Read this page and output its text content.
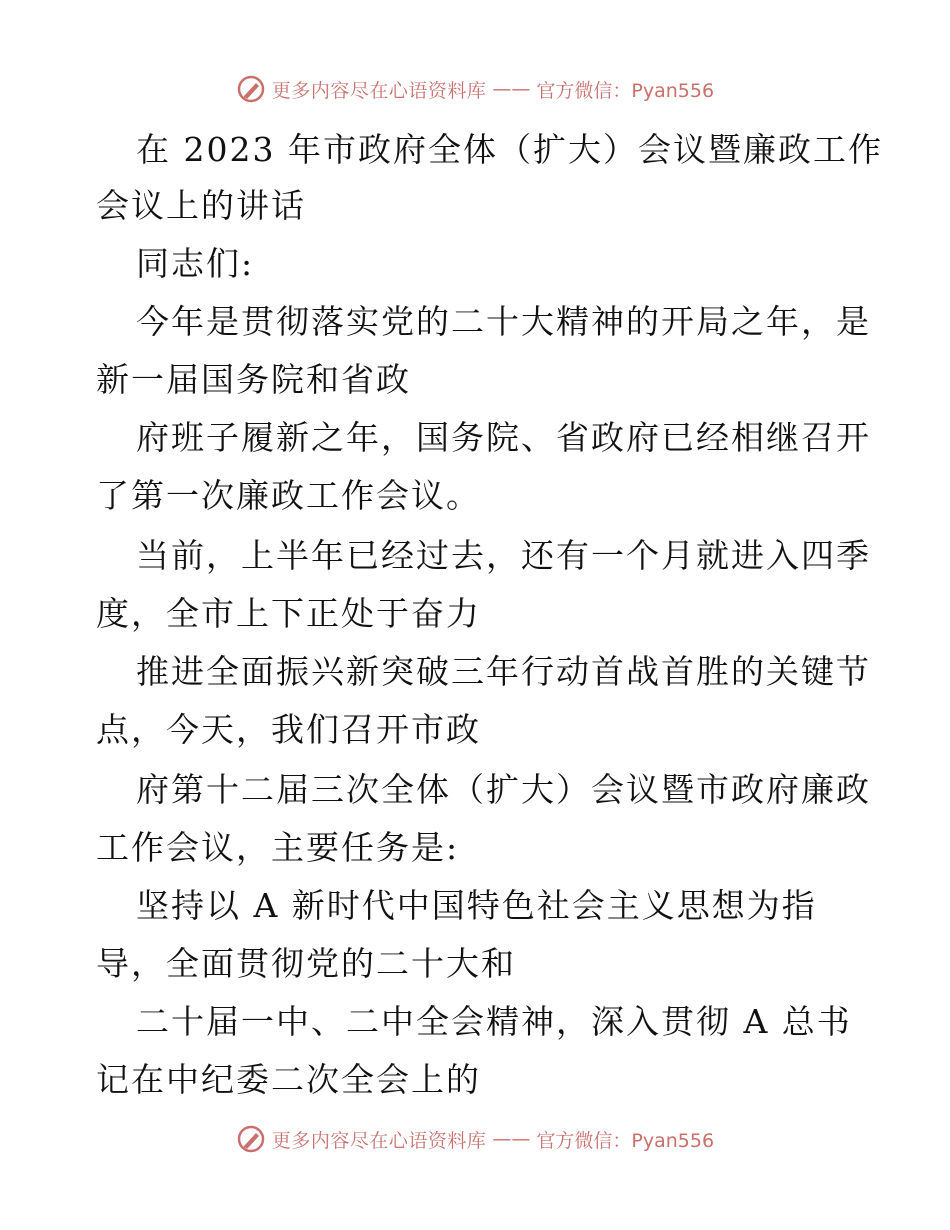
更多内容尽在心语资料库 —— 官方微信：Pyan556
在 2023 年市政府全体（扩大）会议暨廉政工作
会议上的讲话
同志们:
今年是贯彻落实党的二十大精神的开局之年，是
新一届国务院和省政
府班子履新之年，国务院、省政府已经相继召开
了第一次廉政工作会议。
当前，上半年已经过去，还有一个月就进入四季
度，全市上下正处于奋力
推进全面振兴新突破三年行动首战首胜的关键节
点，今天，我们召开市政
府第十二届三次全体（扩大）会议暨市政府廉政
工作会议，主要任务是:
坚持以 A 新时代中国特色社会主义思想为指
导，全面贯彻党的二十大和
二十届一中、二中全会精神，深入贯彻 A 总书
记在中纪委二次全会上的
更多内容尽在心语资料库 —— 官方微信：Pyan556
